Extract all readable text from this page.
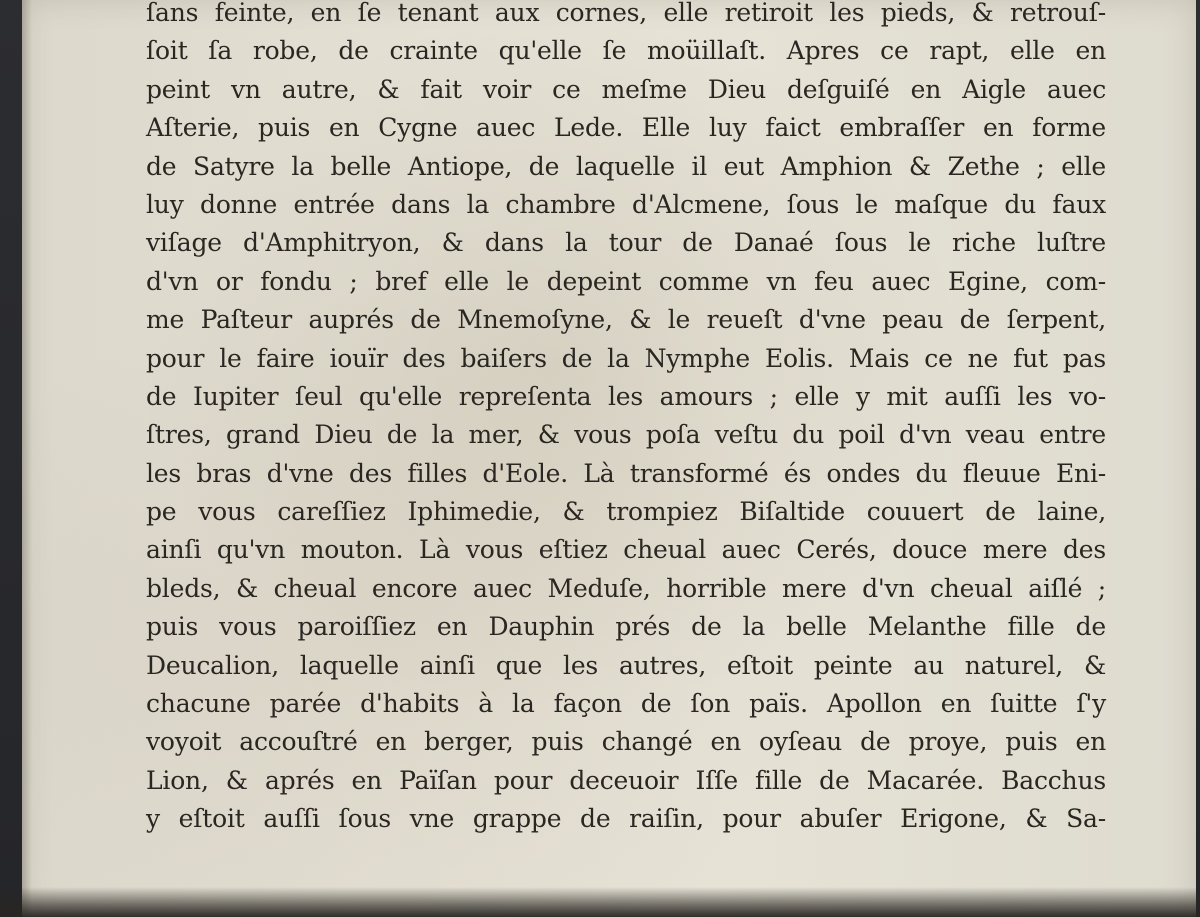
ſans feinte, en ſe tenant aux cornes, elle retiroit les pieds, & retrouſ-
ſoit ſa robe, de crainte qu'elle ſe moüillaſt. Apres ce rapt, elle en
peint vn autre, & fait voir ce meſme Dieu deſguiſé en Aigle auec
Aſterie, puis en Cygne auec Lede. Elle luy faict embraſſer en forme
de Satyre la belle Antiope, de laquelle il eut Amphion & Zethe ; elle
luy donne entrée dans la chambre d'Alcmene, ſous le maſque du faux
viſage d'Amphitryon, & dans la tour de Danaé ſous le riche luſtre
d'vn or fondu ; bref elle le depeint comme vn feu auec Egine, com-
me Paſteur auprés de Mnemoſyne, & le reueſt d'vne peau de ſerpent,
pour le faire iouïr des baiſers de la Nymphe Eolis. Mais ce ne fut pas
de Iupiter ſeul qu'elle repreſenta les amours ; elle y mit auſſi les vo-
ſtres, grand Dieu de la mer, & vous poſa veſtu du poil d'vn veau entre
les bras d'vne des filles d'Eole. Là transformé és ondes du fleuue Eni-
pe vous careſſiez Iphimedie, & trompiez Biſaltide couuert de laine,
ainſi qu'vn mouton. Là vous eſtiez cheual auec Cerés, douce mere des
bleds, & cheual encore auec Meduſe, horrible mere d'vn cheual aiſlé ;
puis vous paroiſſiez en Dauphin prés de la belle Melanthe fille de
Deucalion, laquelle ainſi que les autres, eſtoit peinte au naturel, &
chacune parée d'habits à la façon de ſon païs. Apollon en ſuitte ſ'y
voyoit accouſtré en berger, puis changé en oyſeau de proye, puis en
Lion, & aprés en Païſan pour deceuoir Iſſe fille de Macarée. Bacchus
y eſtoit auſſi ſous vne grappe de raiſin, pour abuſer Erigone, & Sa-
